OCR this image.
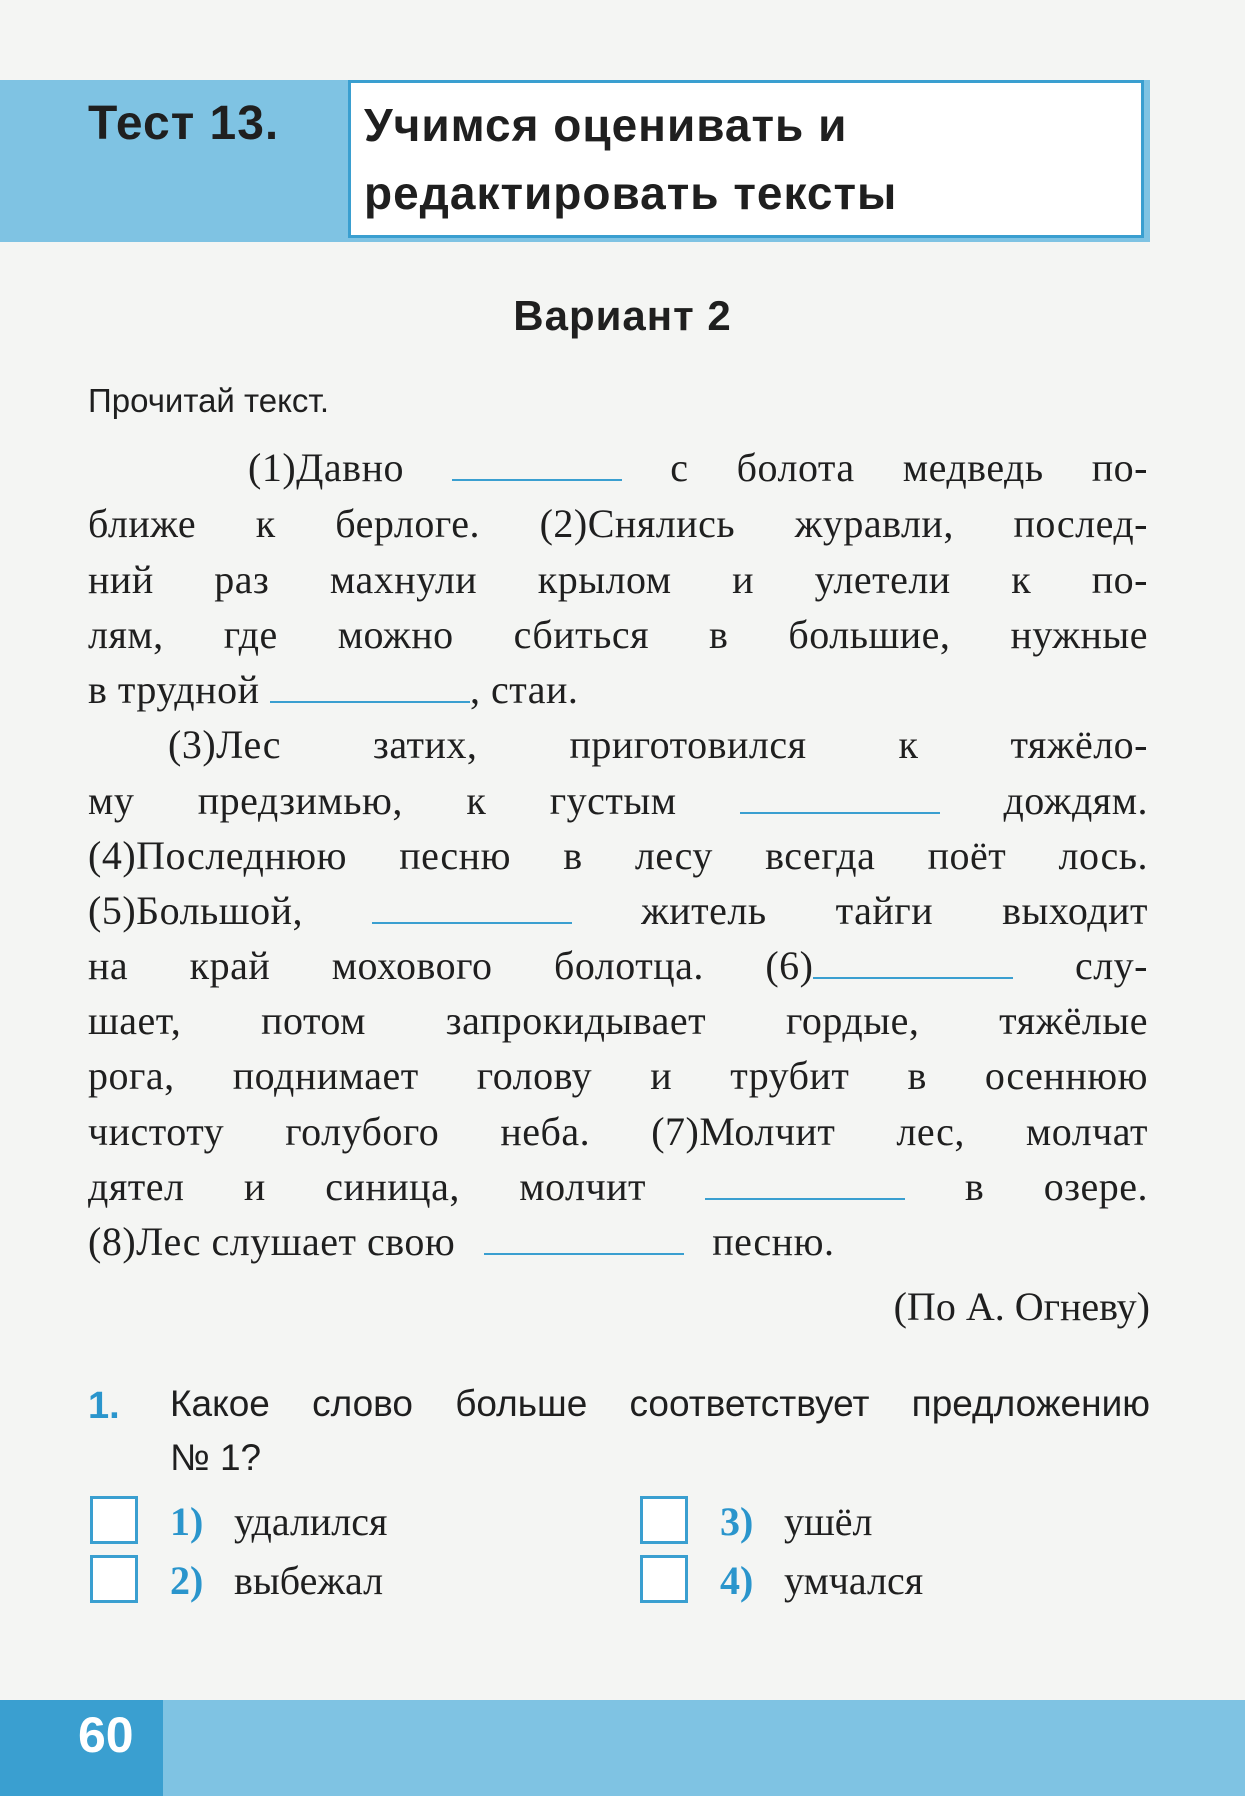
Тест 13. Учимся оценивать и
редактировать тексты
Вариант 2
Прочитай текст.
(1)Давно	с болота медведь по-
ближе к берлоге. (2)Снялись журавли, послед-
ний раз махнули крылом и улетели к по-
лям, где можно сбиться в большие, нужные
в трудной	, стаи.
(3)Лес затих, приготовился к тяжёло-
му предзимью, к густым	дождям.
(4)Последнюю песню в лесу всегда поёт лось.
(5)Большой,	житель тайги выходит
на край мохового болотца. (6)	слу-
шает, потом запрокидывает гордые, тяжёлые
рога, поднимает голову и трубит в осеннюю
чистоту голубого неба. (7)Молчит лес, молчат
дятел и синица, молчит	в озере.
(8)Лес слушает свою	песню.
(По А. Огневу)
1. Какое слово больше соответствует предложению
№ 1?
1) удалился
2) выбежал
3) ушёл
4) умчался
60
